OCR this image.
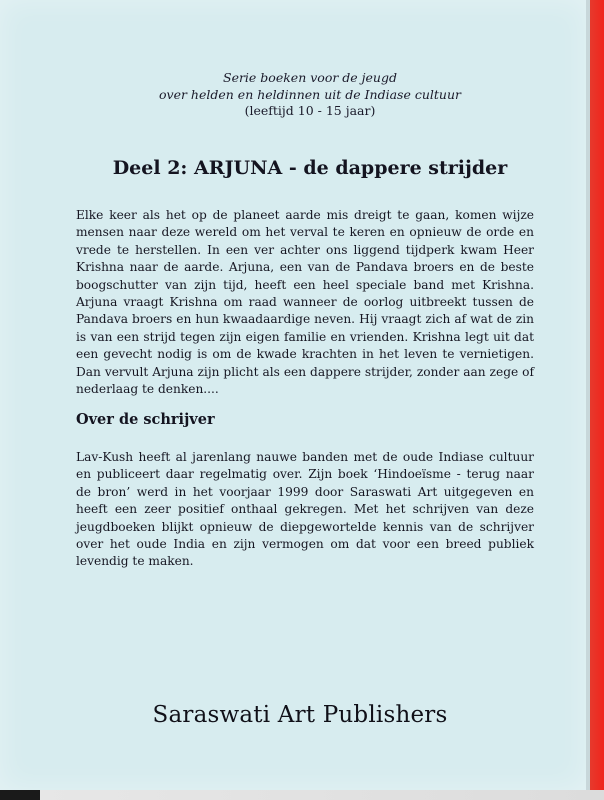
Serie boeken voor de jeugd
over helden en heldinnen uit de Indiase cultuur
(leeftijd 10 - 15 jaar)
Deel 2: ARJUNA - de dappere strijder

Elke keer als het op de planeet aarde mis dreigt te gaan, komen wijze mensen naar deze wereld om het verval te keren en opnieuw de orde en vrede te herstellen. In een ver achter ons liggend tijdperk kwam Heer Krishna naar de aarde. Arjuna, een van de Pandava broers en de beste boogschutter van zijn tijd, heeft een heel speciale band met Krishna. Arjuna vraagt Krishna om raad wanneer de oorlog uitbreekt tussen de Pandava broers en hun kwaadaardige neven. Hij vraagt zich af wat de zin is van een strijd tegen zijn eigen familie en vrienden. Krishna legt uit dat een gevecht nodig is om de kwade krachten in het leven te vernietigen. Dan vervult Arjuna zijn plicht als een dappere strijder, zonder aan zege of nederlaag te denken....

Over de schrijver

Lav-Kush heeft al jarenlang nauwe banden met de oude Indiase cultuur en publiceert daar regelmatig over. Zijn boek ‘Hindoeïsme - terug naar de bron’ werd in het voorjaar 1999 door Saraswati Art uitgegeven en heeft een zeer positief onthaal gekregen. Met het schrijven van deze jeugdboeken blijkt opnieuw de diepgewortelde kennis van de schrijver over het oude India en zijn vermogen om dat voor een breed publiek levendig te maken.

Saraswati Art Publishers
